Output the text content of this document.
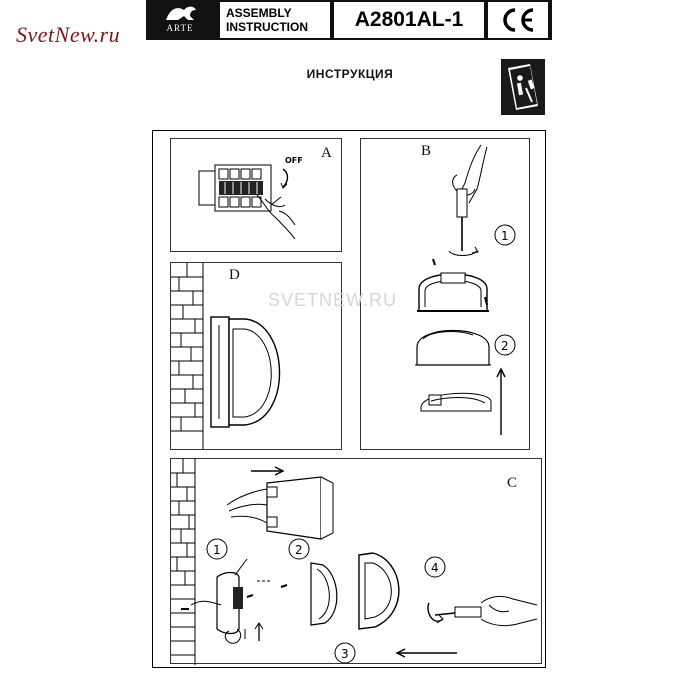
SvetNew.ru	ARTE
ASSEMBLY
INSTRUCTION	A2801AL-1
ИНСТРУКЦИЯ
A
OFF
B
1
2
D
C
1	2
4
3
SVETNEW.RU
